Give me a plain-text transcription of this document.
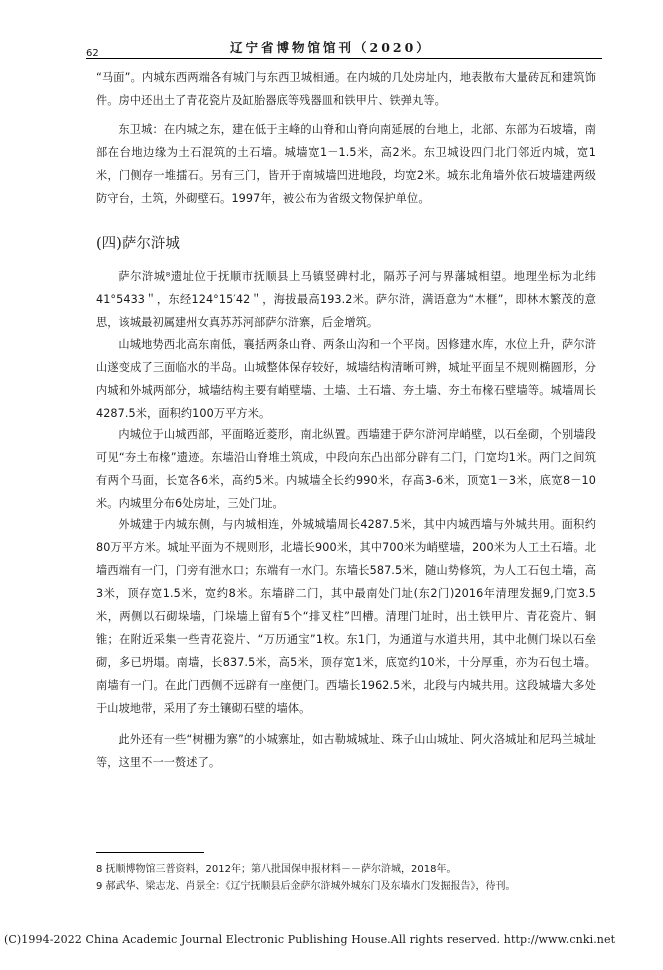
62	辽宁省博物馆馆刊（2020）

“马面”。内城东西两端各有城门与东西卫城相通。在内城的几处房址内，地表散布大量砖瓦和建筑饰件。房中还出土了青花瓷片及缸胎器底等残器皿和铁甲片、铁弹丸等。

东卫城：在内城之东，建在低于主峰的山脊和山脊向南延展的台地上，北部、东部为石坡墙，南部在台地边缘为土石混筑的土石墙。城墙宽1－1.5米，高2米。东卫城设四门北门邻近内城，宽1米，门侧存一堆擂石。另有三门，皆开于南城墙凹进地段，均宽2米。城东北角墙外依石坡墙建两级防守台，土筑，外砌壁石。1997年，被公布为省级文物保护单位。

(四)萨尔浒城

萨尔浒城⁸遗址位于抚顺市抚顺县上马镇竖碑村北，隔苏子河与界藩城相望。地理坐标为北纬41°5433＂，东经124°15′42＂，海拔最高193.2米。萨尔浒，满语意为“木榧”，即林木繁茂的意思，该城最初属建州女真苏苏河部萨尔浒寨，后金增筑。

山城地势西北高东南低，襄括两条山脊、两条山沟和一个平岗。因修建水库，水位上升，萨尔浒山遂变成了三面临水的半岛。山城整体保存较好，城墙结构清晰可辨，城址平面呈不规则椭圆形，分内城和外城两部分，城墙结构主要有峭壁墙、土墙、土石墙、夯土墙、夯土布椽石壁墙等。城墙周长4287.5米，面积约100万平方米。

内城位于山城西部，平面略近菱形，南北纵置。西墙建于萨尔浒河岸峭壁，以石垒砌，个别墙段可见“夯土布椽”遗迹。东墙沿山脊堆土筑成，中段向东凸出部分辟有二门，门宽均1米。两门之间筑有两个马面，长宽各6米，高约5米。内城墙全长约990米，存高3-6米，顶宽1－3米，底宽8－10米。内城里分布6处房址，三处门址。

外城建于内城东侧，与内城相连，外城城墙周长4287.5米，其中内城西墙与外城共用。面积约80万平方米。城址平面为不规则形，北墙长900米，其中700米为峭壁墙，200米为人工土石墙。北墙西端有一门，门旁有泄水口；东端有一水门。东墙长587.5米，随山势修筑，为人工石包土墙，高3米，顶存宽1.5米，宽约8米。东墙辟二门，其中最南处门址(东2门)2016年清理发掘9,门宽3.5米，两侧以石砌垛墙，门垛墙上留有5个“排叉柱”凹槽。清理门址时，出土铁甲片、青花瓷片、铜锥；在附近采集一些青花瓷片、“万历通宝”1枚。东1门，为通道与水道共用，其中北侧门垛以石垒砌，多已坍塌。南墙，长837.5米，高5米，顶存宽1米，底宽约10米，十分厚重，亦为石包土墙。南墙有一门。在此门西侧不远辟有一座便门。西墙长1962.5米，北段与内城共用。这段城墙大多处于山坡地带，采用了夯土镶砌石壁的墙体。

此外还有一些“树栅为寨”的小城寨址，如古勒城城址、珠子山山城址、阿火洛城址和尼玛兰城址等，这里不一一赘述了。

8 抚顺博物馆三普资料，2012年；第八批国保申报材料－－萨尔浒城，2018年。

9 郝武华、梁志龙、肖景全：《辽宁抚顺县后金萨尔浒城外城东门及东墙水门发掘报告》，待刊。

(C)1994-2022 China Academic Journal Electronic Publishing House.All rights reserved. http://www.cnki.net
